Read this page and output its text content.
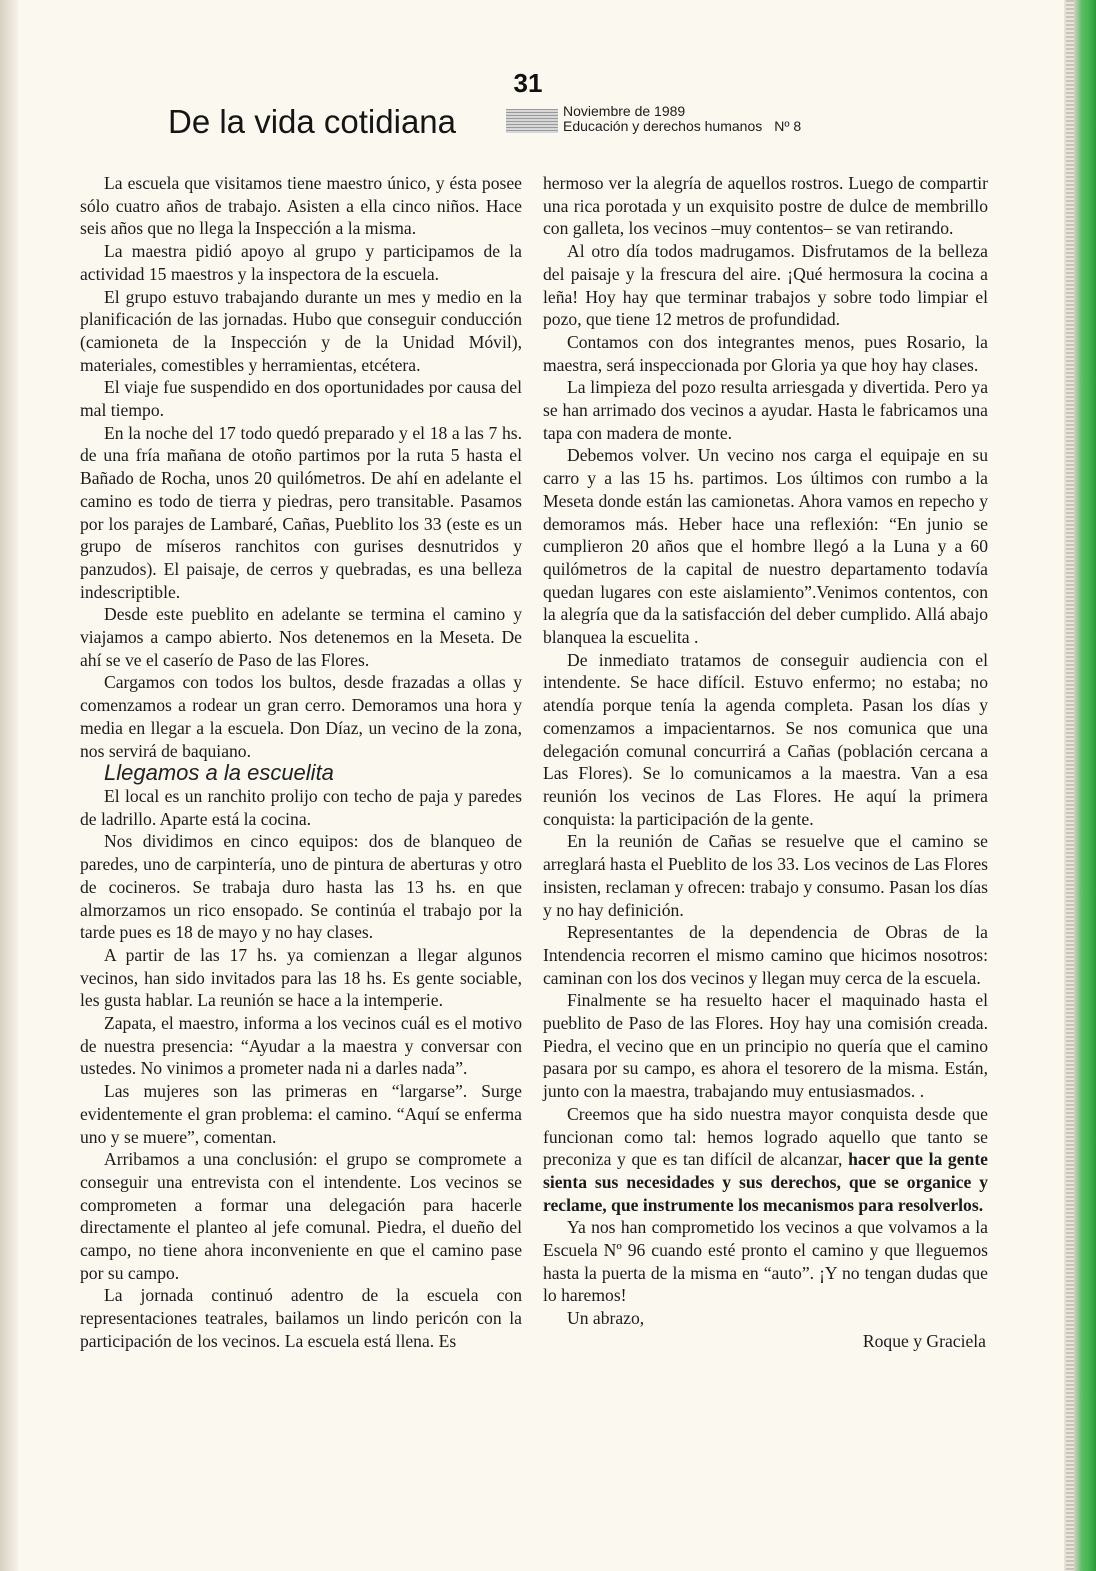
31
De la vida cotidiana	Noviembre de 1989
Educación y derechos humanos Nº 8

La escuela que visitamos tiene maestro único, y ésta posee sólo cuatro años de trabajo. Asisten a ella cinco niños. Hace seis años que no llega la Inspección a la misma.

La maestra pidió apoyo al grupo y participamos de la actividad 15 maestros y la inspectora de la escuela.

El grupo estuvo trabajando durante un mes y medio en la planificación de las jornadas. Hubo que conseguir conducción (camioneta de la Inspección y de la Unidad Móvil), materiales, comestibles y herramientas, etcétera.

El viaje fue suspendido en dos oportunidades por causa del mal tiempo.

En la noche del 17 todo quedó preparado y el 18 a las 7 hs. de una fría mañana de otoño partimos por la ruta 5 hasta el Bañado de Rocha, unos 20 quilómetros. De ahí en adelante el camino es todo de tierra y piedras, pero transitable. Pasamos por los parajes de Lambaré, Cañas, Pueblito los 33 (este es un grupo de míseros ranchitos con gurises desnutridos y panzudos). El paisaje, de cerros y quebradas, es una belleza indescriptible.

Desde este pueblito en adelante se termina el camino y viajamos a campo abierto. Nos detenemos en la Meseta. De ahí se ve el caserío de Paso de las Flores.

Cargamos con todos los bultos, desde frazadas a ollas y comenzamos a rodear un gran cerro. Demoramos una hora y media en llegar a la escuela. Don Díaz, un vecino de la zona, nos servirá de baquiano.

Llegamos a la escuelita

El local es un ranchito prolijo con techo de paja y paredes de ladrillo. Aparte está la cocina.

Nos dividimos en cinco equipos: dos de blanqueo de paredes, uno de carpintería, uno de pintura de aberturas y otro de cocineros. Se trabaja duro hasta las 13 hs. en que almorzamos un rico ensopado. Se continúa el trabajo por la tarde pues es 18 de mayo y no hay clases.

A partir de las 17 hs. ya comienzan a llegar algunos vecinos, han sido invitados para las 18 hs. Es gente sociable, les gusta hablar. La reunión se hace a la intemperie.

Zapata, el maestro, informa a los vecinos cuál es el motivo de nuestra presencia: “Ayudar a la maestra y conversar con ustedes. No vinimos a prometer nada ni a darles nada”.

Las mujeres son las primeras en “largarse”. Surge evidentemente el gran problema: el camino. “Aquí se enferma uno y se muere”, comentan.

Arribamos a una conclusión: el grupo se compromete a conseguir una entrevista con el intendente. Los vecinos se comprometen a formar una delegación para hacerle directamente el planteo al jefe comunal. Piedra, el dueño del campo, no tiene ahora inconveniente en que el camino pase por su campo.

La jornada continuó adentro de la escuela con representaciones teatrales, bailamos un lindo pericón con la participación de los vecinos. La escuela está llena. Es

hermoso ver la alegría de aquellos rostros. Luego de compartir una rica porotada y un exquisito postre de dulce de membrillo con galleta, los vecinos –muy contentos– se van retirando.

Al otro día todos madrugamos. Disfrutamos de la belleza del paisaje y la frescura del aire. ¡Qué hermosura la cocina a leña! Hoy hay que terminar trabajos y sobre todo limpiar el pozo, que tiene 12 metros de profundidad.

Contamos con dos integrantes menos, pues Rosario, la maestra, será inspeccionada por Gloria ya que hoy hay clases.

La limpieza del pozo resulta arriesgada y divertida. Pero ya se han arrimado dos vecinos a ayudar. Hasta le fabricamos una tapa con madera de monte.

Debemos volver. Un vecino nos carga el equipaje en su carro y a las 15 hs. partimos. Los últimos con rumbo a la Meseta donde están las camionetas. Ahora vamos en repecho y demoramos más. Heber hace una reflexión: “En junio se cumplieron 20 años que el hombre llegó a la Luna y a 60 quilómetros de la capital de nuestro departamento todavía quedan lugares con este aislamiento”.Venimos contentos, con la alegría que da la satisfacción del deber cumplido. Allá abajo blanquea la escuelita .

De inmediato tratamos de conseguir audiencia con el intendente. Se hace difícil. Estuvo enfermo; no estaba; no atendía porque tenía la agenda completa. Pasan los días y comenzamos a impacientarnos. Se nos comunica que una delegación comunal concurrirá a Cañas (población cercana a Las Flores). Se lo comunicamos a la maestra. Van a esa reunión los vecinos de Las Flores. He aquí la primera conquista: la participación de la gente.

En la reunión de Cañas se resuelve que el camino se arreglará hasta el Pueblito de los 33. Los vecinos de Las Flores insisten, reclaman y ofrecen: trabajo y consumo. Pasan los días y no hay definición.

Representantes de la dependencia de Obras de la Intendencia recorren el mismo camino que hicimos nosotros: caminan con los dos vecinos y llegan muy cerca de la escuela.

Finalmente se ha resuelto hacer el maquinado hasta el pueblito de Paso de las Flores. Hoy hay una comisión creada. Piedra, el vecino que en un principio no quería que el camino pasara por su campo, es ahora el tesorero de la misma. Están, junto con la maestra, trabajando muy entusiasmados. .

Creemos que ha sido nuestra mayor conquista desde que funcionan como tal: hemos logrado aquello que tanto se preconiza y que es tan difícil de alcanzar, hacer que la gente sienta sus necesidades y sus derechos, que se organice y reclame, que instrumente los mecanismos para resolverlos.

Ya nos han comprometido los vecinos a que volvamos a la Escuela Nº 96 cuando esté pronto el camino y que lleguemos hasta la puerta de la misma en “auto”. ¡Y no tengan dudas que lo haremos!

Un abrazo,

Roque y Graciela
